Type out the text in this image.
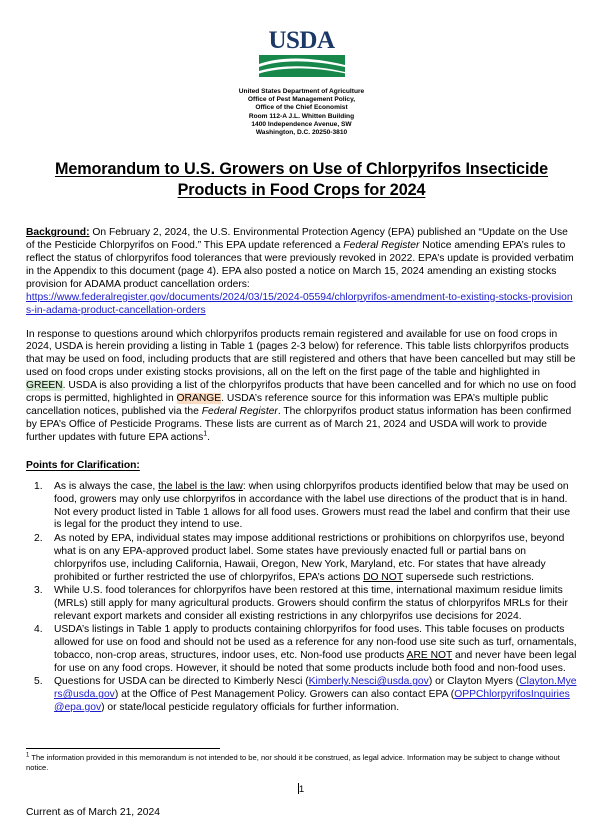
USDA
United States Department of Agriculture
Office of Pest Management Policy,
Office of the Chief Economist
Room 112-A J.L. Whitten Building
1400 Independence Avenue, SW
Washington, D.C. 20250-3810
Memorandum to U.S. Growers on Use of Chlorpyrifos Insecticide
Products in Food Crops for 2024

Background: On February 2, 2024, the U.S. Environmental Protection Agency (EPA) published an “Update on the Use of the Pesticide Chlorpyrifos on Food.” This EPA update referenced a Federal Register Notice amending EPA’s rules to reflect the status of chlorpyrifos food tolerances that were previously revoked in 2022. EPA’s update is provided verbatim in the Appendix to this document (page 4). EPA also posted a notice on March 15, 2024 amending an existing stocks provision for ADAMA product cancellation orders:
https://www.federalregister.gov/documents/2024/03/15/2024-05594/chlorpyrifos-amendment-to-existing-stocks-provisions-in-adama-product-cancellation-orders

In response to questions around which chlorpyrifos products remain registered and available for use on food crops in 2024, USDA is herein providing a listing in Table 1 (pages 2-3 below) for reference. This table lists chlorpyrifos products that may be used on food, including products that are still registered and others that have been cancelled but may still be used on food crops under existing stocks provisions, all on the left on the first page of the table and highlighted in GREEN. USDA is also providing a list of the chlorpyrifos products that have been cancelled and for which no use on food crops is permitted, highlighted in ORANGE. USDA’s reference source for this information was EPA’s multiple public cancellation notices, published via the Federal Register. The chlorpyrifos product status information has been confirmed by EPA’s Office of Pesticide Programs. These lists are current as of March 21, 2024 and USDA will work to provide further updates with future EPA actions$^1$.

Points for Clarification:
As is always the case, the label is the law: when using chlorpyrifos products identified below that may be used on food, growers may only use chlorpyrifos in accordance with the label use directions of the product that is in hand. Not every product listed in Table 1 allows for all food uses. Growers must read the label and confirm that their use is legal for the product they intend to use.
As noted by EPA, individual states may impose additional restrictions or prohibitions on chlorpyrifos use, beyond what is on any EPA-approved product label. Some states have previously enacted full or partial bans on chlorpyrifos use, including California, Hawaii, Oregon, New York, Maryland, etc. For states that have already prohibited or further restricted the use of chlorpyrifos, EPA’s actions DO NOT supersede such restrictions.
While U.S. food tolerances for chlorpyrifos have been restored at this time, international maximum residue limits (MRLs) still apply for many agricultural products. Growers should confirm the status of chlorpyrifos MRLs for their relevant export markets and consider all existing restrictions in any chlorpyrifos use decisions for 2024.
USDA’s listings in Table 1 apply to products containing chlorpyrifos for food uses. This table focuses on products allowed for use on food and should not be used as a reference for any non-food use site such as turf, ornamentals, tobacco, non-crop areas, structures, indoor uses, etc. Non-food use products ARE NOT and never have been legal for use on any food crops. However, it should be noted that some products include both food and non-food uses.
Questions for USDA can be directed to Kimberly Nesci (Kimberly.Nesci@usda.gov) or Clayton Myers (Clayton.Myers@usda.gov) at the Office of Pest Management Policy. Growers can also contact EPA (OPPChlorpyrifosInquiries@epa.gov) or state/local pesticide regulatory officials for further information.

$^1$ The information provided in this memorandum is not intended to be, nor should it be construed, as legal advice. Information may be subject to change without notice.

1
Current as of March 21, 2024
